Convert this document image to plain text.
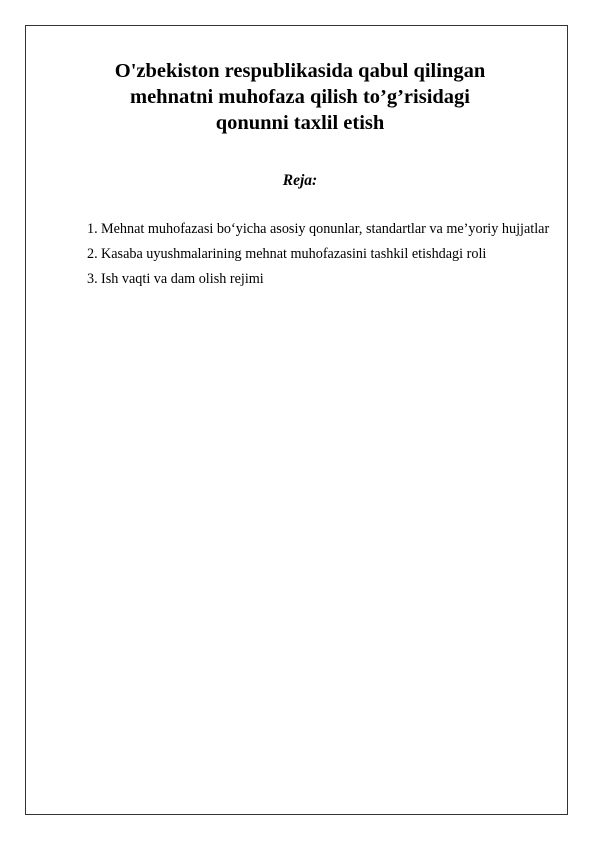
O'zbekiston respublikasida qabul qilingan
mehnatni muhofaza qilish to’g’risidagi
qonunni taxlil etish

Reja:

1. Mehnat muhofazasi bo‘yicha asosiy qonunlar, standartlar va me’yoriy hujjatlar
2. Kasaba uyushmalarining mehnat muhofazasini tashkil etishdagi roli
3. Ish vaqti va dam olish rejimi
